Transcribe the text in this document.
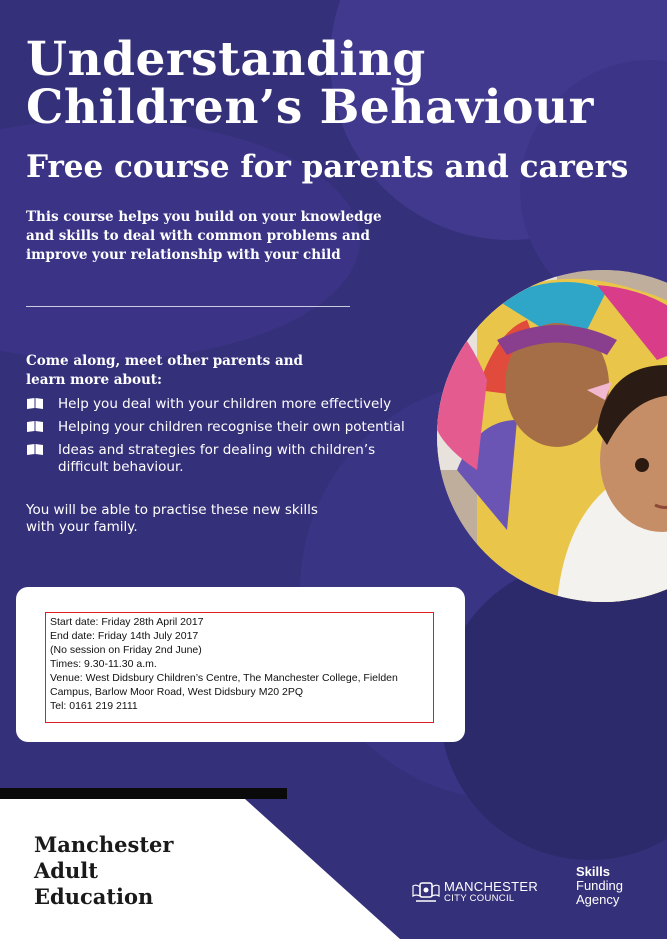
Understanding
Children’s Behaviour
Free course for parents and carers

This course helps you build on your knowledge and skills to deal with common problems and improve your relationship with your child

Come along, meet other parents and learn more about:

Help you deal with your children more effectively
Helping your children recognise their own potential
Ideas and strategies for dealing with children’s difficult behaviour.

You will be able to practise these new skills with your family.

Start date: Friday 28th April 2017
End date: Friday 14th July 2017
(No session on Friday 2nd June)
Times: 9.30-11.30 a.m.
Venue: West Didsbury Children’s Centre, The Manchester College, Fielden
Campus, Barlow Moor Road, West Didsbury M20 2PQ
Tel: 0161 219 2111

Manchester
Adult
Education	MANCHESTER
CITY COUNCIL
Skills
Funding
Agency
